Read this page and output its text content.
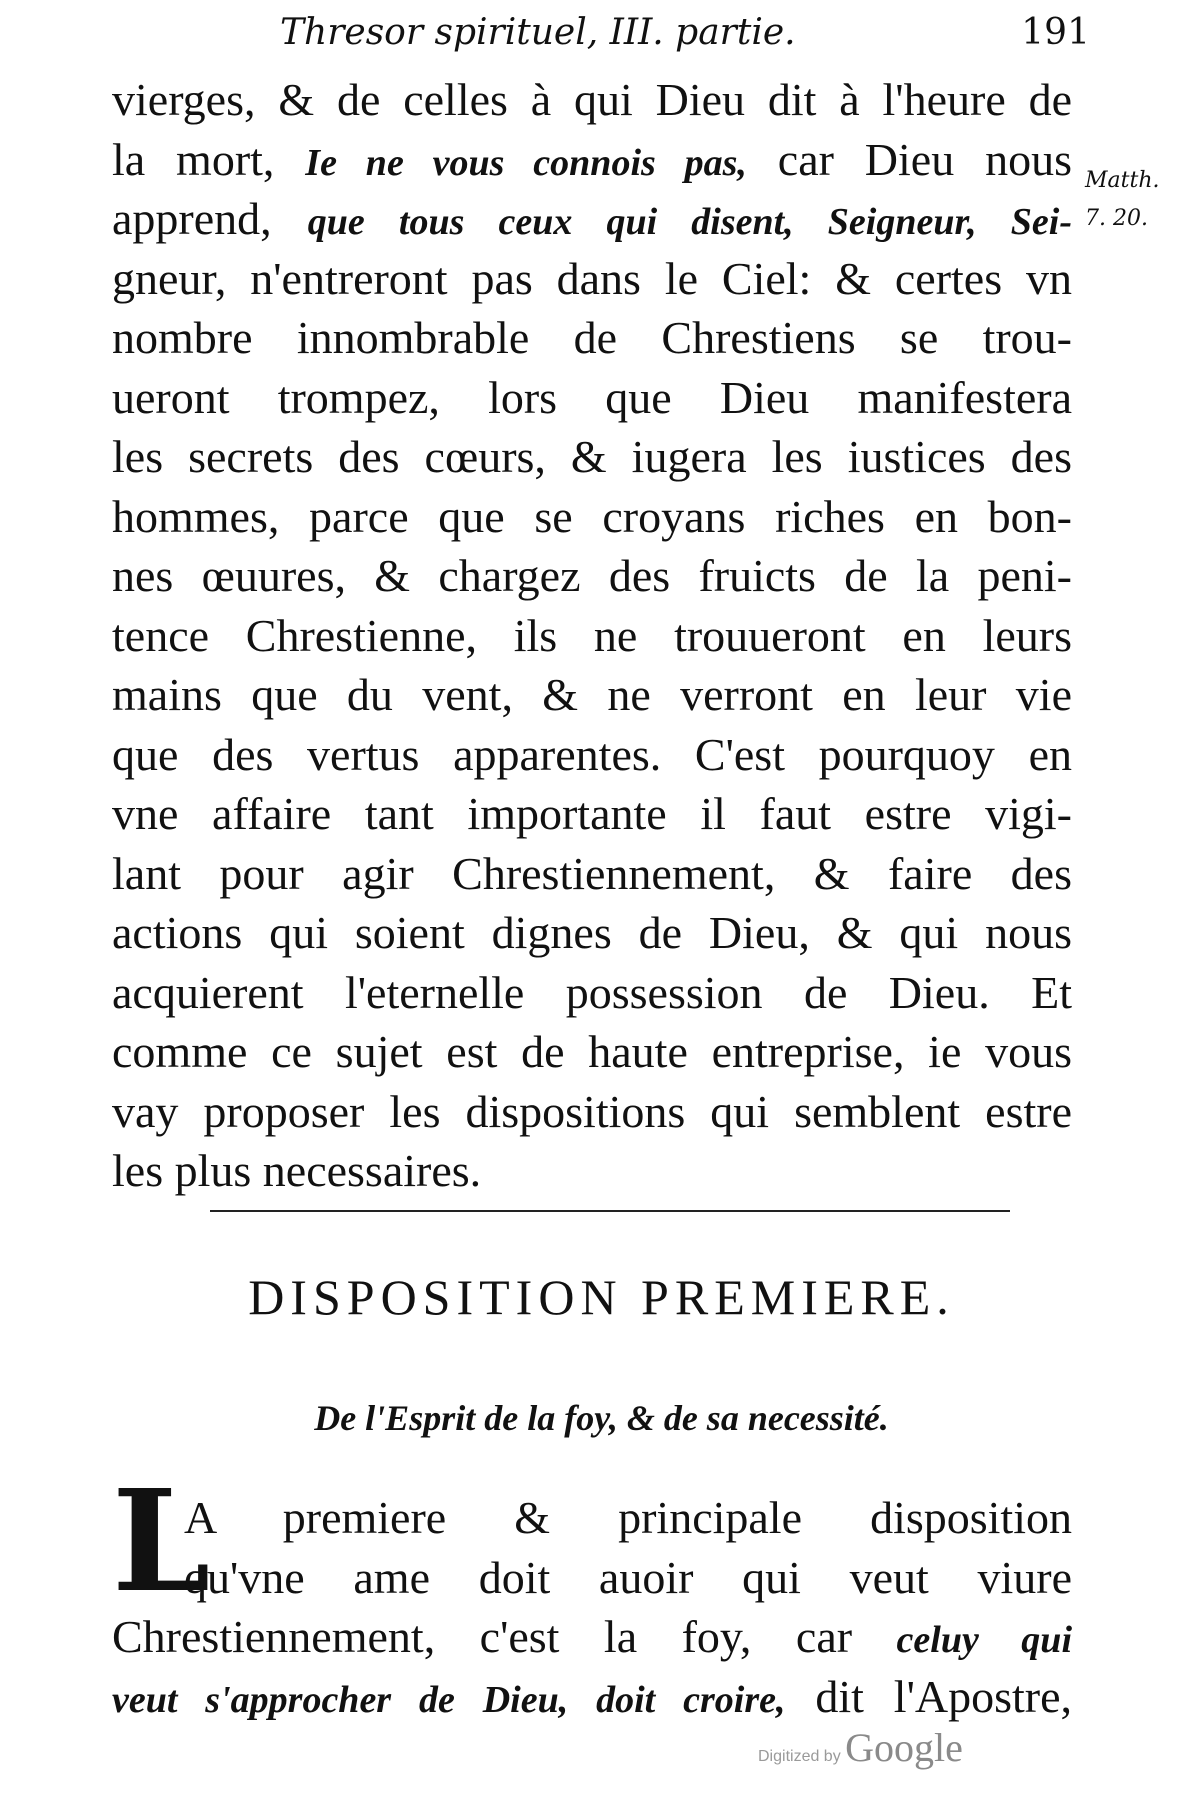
Thresor spirituel, III. partie.	191
Matth.
7. 20.
vierges, & de celles à qui Dieu dit à l'heure de
la mort, Ie ne vous connois pas, car Dieu nous
apprend, que tous ceux qui disent, Seigneur, Sei-
gneur, n'entreront pas dans le Ciel: & certes vn
nombre innombrable de Chrestiens se trou-
ueront trompez, lors que Dieu manifestera
les secrets des cœurs, & iugera les iustices des
hommes, parce que se croyans riches en bon-
nes œuures, & chargez des fruicts de la peni-
tence Chrestienne, ils ne trouueront en leurs
mains que du vent, & ne verront en leur vie
que des vertus apparentes. C'est pourquoy en
vne affaire tant importante il faut estre vigi-
lant pour agir Chrestiennement, & faire des
actions qui soient dignes de Dieu, & qui nous
acquierent l'eternelle possession de Dieu. Et
comme ce sujet est de haute entreprise, ie vous
vay proposer les dispositions qui semblent estre
les plus necessaires.
DISPOSITION PREMIERE.
De l'Esprit de la foy, & de sa necessité.
L
A premiere & principale disposition
qu'vne ame doit auoir qui veut viure
Chrestiennement, c'est la foy, car celuy qui
veut s'approcher de Dieu, doit croire, dit l'Apostre,
Digitized by Google
